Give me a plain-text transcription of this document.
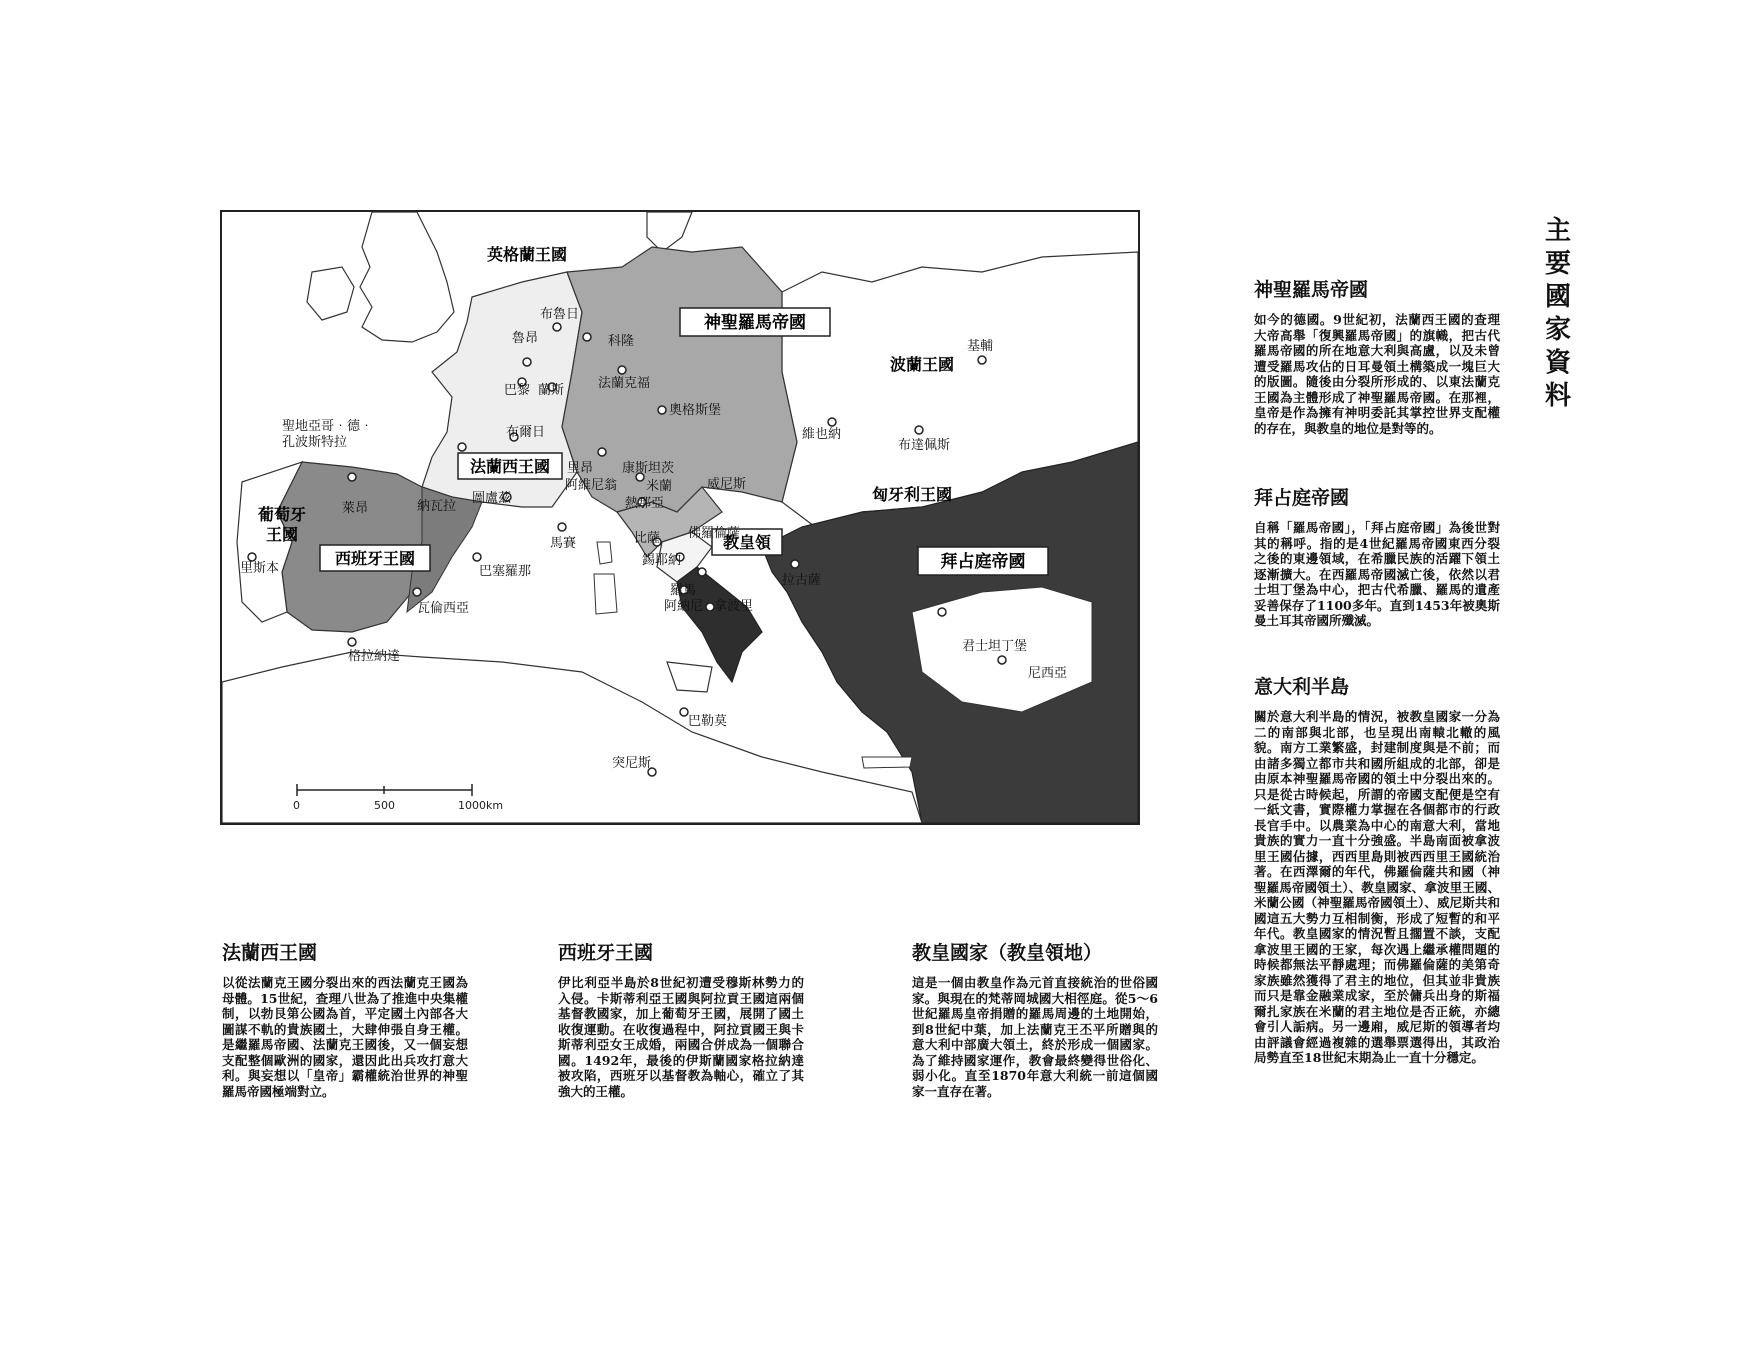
神聖羅馬帝國
法蘭西王國
西班牙王國
教皇領
拜占庭帝國
英格蘭王國
波蘭王國
匈牙利王國
葡萄牙
王國
基輔
布魯日
魯昂	科隆
法蘭克福
巴黎 蘭斯
布爾日
奧格斯堡
維也納
布達佩斯
聖地亞哥‧德‧
孔波斯特拉
康斯坦茨
里昂
阿維尼翁 米蘭
熱那亞
威尼斯
圖盧茲
萊昂	納瓦拉
比薩 佛羅倫薩
馬賽
錫耶納
里斯本	巴塞羅那
羅馬
阿納尼 拿波里
拉古薩
瓦倫西亞
君士坦丁堡
格拉納達
尼西亞
巴勒莫
突尼斯
0	500	1000km
主要國家資料
神聖羅馬帝國

如今的德國。9世紀初，法蘭西王國的查理大帝高舉「復興羅馬帝國」的旗幟，把古代羅馬帝國的所在地意大利與高盧，以及未曾遭受羅馬攻佔的日耳曼領土構築成一塊巨大的版圖。隨後由分裂所形成的、以東法蘭克王國為主體形成了神聖羅馬帝國。在那裡，皇帝是作為擁有神明委託其掌控世界支配權的存在，與教皇的地位是對等的。

拜占庭帝國

自稱「羅馬帝國」，「拜占庭帝國」為後世對其的稱呼。指的是4世紀羅馬帝國東西分裂之後的東邊領域，在希臘民族的活躍下領土逐漸擴大。在西羅馬帝國滅亡後，依然以君士坦丁堡為中心，把古代希臘、羅馬的遺產妥善保存了1100多年。直到1453年被奧斯曼土耳其帝國所殲滅。

意大利半島

關於意大利半島的情況，被教皇國家一分為二的南部與北部，也呈現出南轅北轍的風貌。南方工業繁盛，封建制度與是不前；而由諸多獨立都市共和國所組成的北部，卻是由原本神聖羅馬帝國的領土中分裂出來的。只是從古時候起，所謂的帝國支配便是空有一紙文書，實際權力掌握在各個都市的行政長官手中。以農業為中心的南意大利，當地貴族的實力一直十分強盛。半島南面被拿波里王國佔據，西西里島則被西西里王國統治著。在西澤爾的年代，佛羅倫薩共和國（神聖羅馬帝國領土）、教皇國家、拿波里王國、米蘭公國（神聖羅馬帝國領土）、威尼斯共和國這五大勢力互相制衡，形成了短暫的和平年代。教皇國家的情況暫且擱置不談，支配拿波里王國的王家，每次遇上繼承權問題的時候都無法平靜處理；而佛羅倫薩的美第奇家族雖然獲得了君主的地位，但其並非貴族而只是靠金融業成家，至於傭兵出身的斯福爾扎家族在米蘭的君主地位是否正統，亦總會引人詬病。另一邊廂，威尼斯的領導者均由評議會經過複雜的選舉票選得出，其政治局勢直至18世紀末期為止一直十分穩定。

法蘭西王國

以從法蘭克王國分裂出來的西法蘭克王國為母體。15世紀，查理八世為了推進中央集權制，以勃艮第公國為首，平定國土內部各大圖謀不軌的貴族國土，大肆伸張自身王權。是繼羅馬帝國、法蘭克王國後，又一個妄想支配整個歐洲的國家，還因此出兵攻打意大利。與妄想以「皇帝」霸權統治世界的神聖羅馬帝國極端對立。

西班牙王國

伊比利亞半島於8世紀初遭受穆斯林勢力的入侵。卡斯蒂利亞王國與阿拉貢王國這兩個基督教國家，加上葡萄牙王國，展開了國土收復運動。在收復過程中，阿拉貢國王與卡斯蒂利亞女王成婚，兩國合併成為一個聯合國。1492年，最後的伊斯蘭國家格拉納達被攻陷，西班牙以基督教為軸心，確立了其強大的王權。

教皇國家（教皇領地）

這是一個由教皇作為元首直接統治的世俗國家。與現在的梵蒂岡城國大相徑庭。從5～6世紀羅馬皇帝捐贈的羅馬周邊的土地開始，到8世紀中葉，加上法蘭克王丕平所贈與的意大利中部廣大領土，終於形成一個國家。為了維持國家運作，教會最終變得世俗化、弱小化。直至1870年意大利統一前這個國家一直存在著。
